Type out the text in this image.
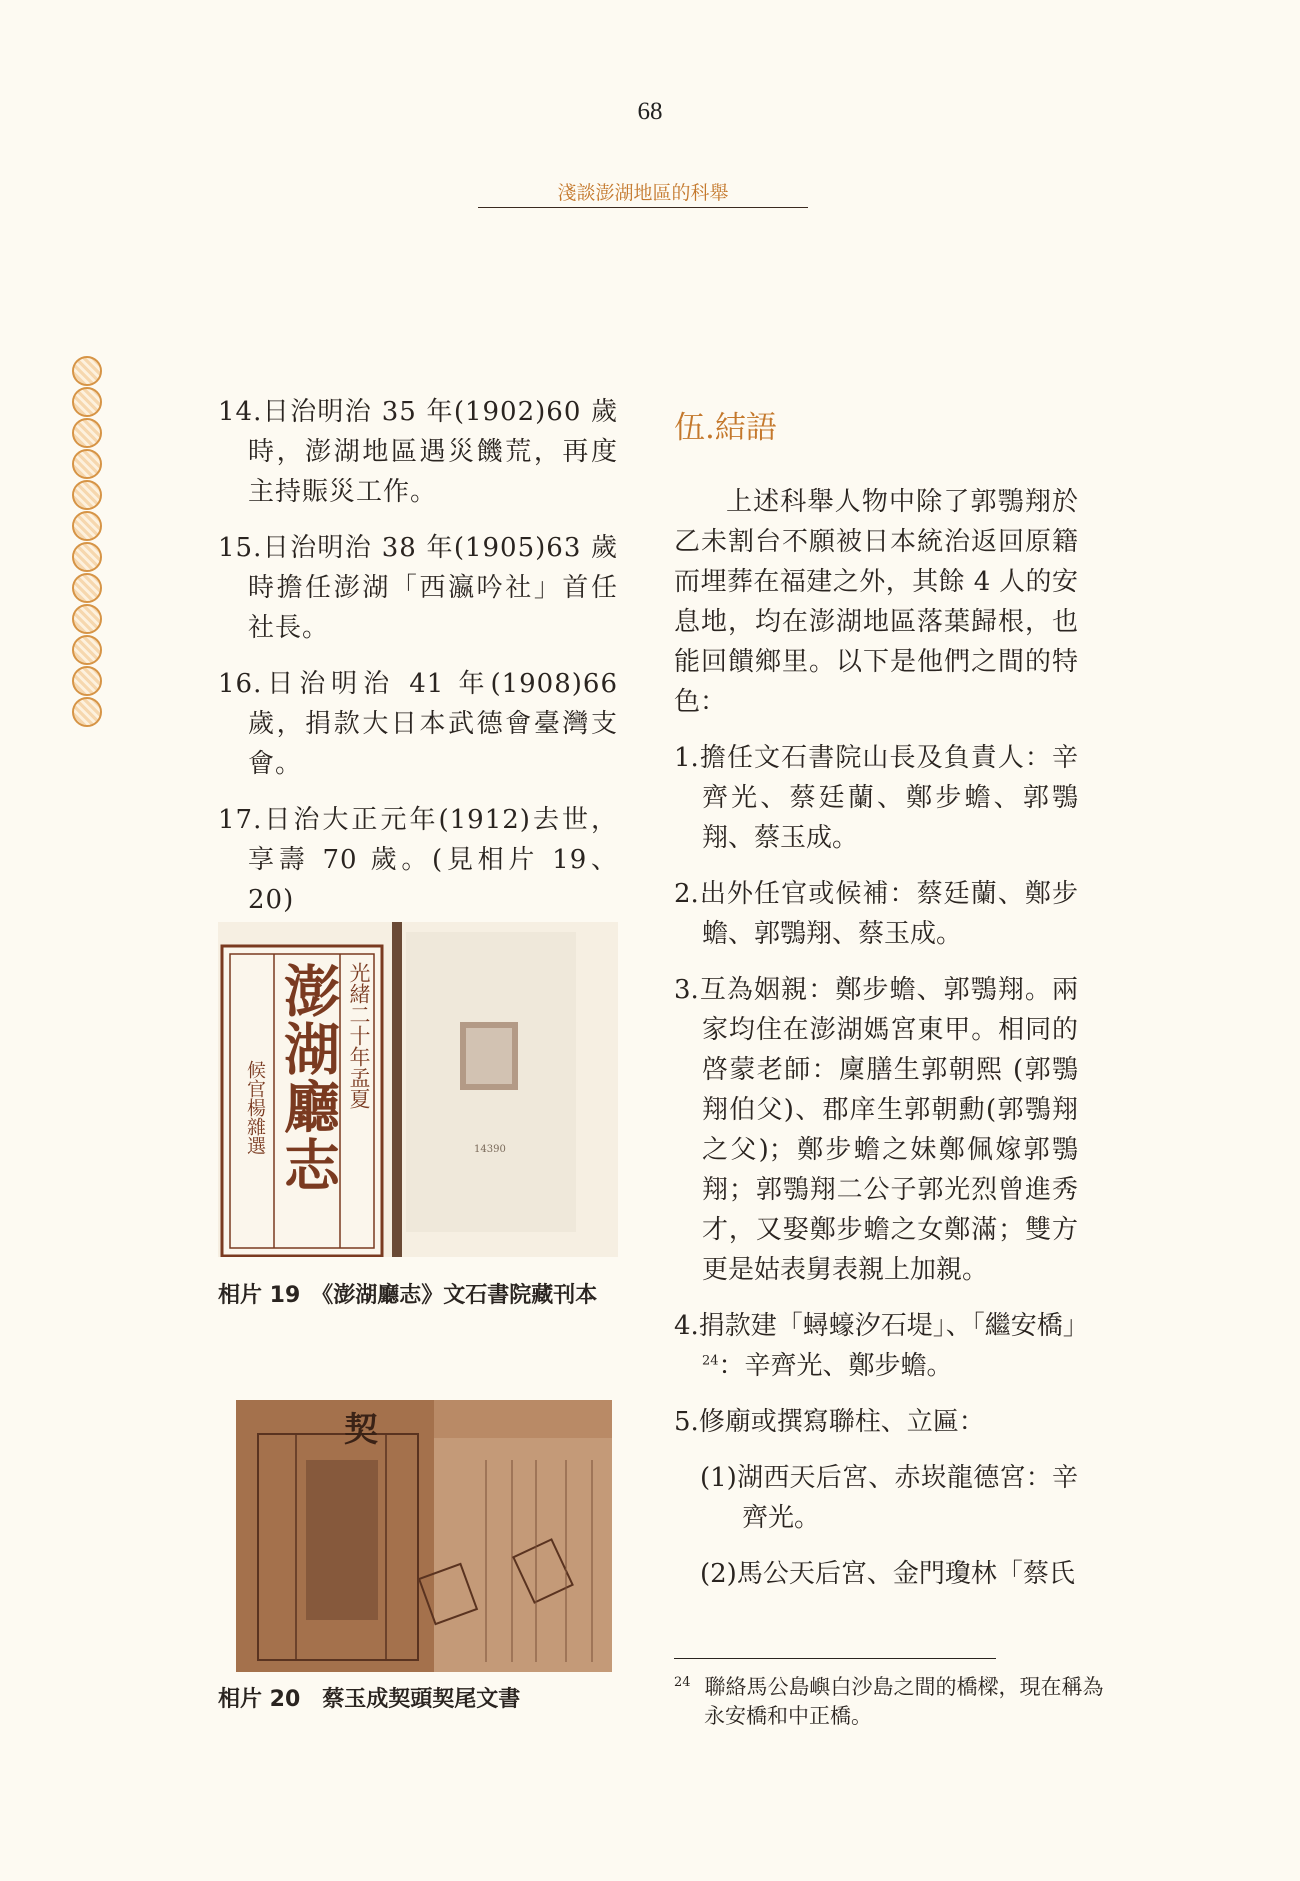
68
淺談澎湖地區的科舉
14.日治明治 35 年(1902)60 歲時，澎湖地區遇災饑荒，再度主持賑災工作。
15.日治明治 38 年(1905)63 歲時擔任澎湖「西瀛吟社」首任社長。
16.日治明治 41 年(1908)66 歲，捐款大日本武德會臺灣支會。
17.日治大正元年(1912)去世，享壽 70 歲。(見相片 19、20)
澎湖廳志 光緒二十年孟夏
候官楊雜選	14390
相片 19　《澎湖廳志》文石書院藏刊本
契
相片 20　蔡玉成契頭契尾文書
伍.結語

上述科舉人物中除了郭鶚翔於乙未割台不願被日本統治返回原籍而埋葬在福建之外，其餘 4 人的安息地，均在澎湖地區落葉歸根，也能回饋鄉里。以下是他們之間的特色：

1.擔任文石書院山長及負責人：辛齊光、蔡廷蘭、鄭步蟾、郭鶚翔、蔡玉成。
2.出外任官或候補：蔡廷蘭、鄭步蟾、郭鶚翔、蔡玉成。
3.互為姻親：鄭步蟾、郭鶚翔。兩家均住在澎湖媽宮東甲。相同的啓蒙老師：廩膳生郭朝熙 (郭鶚翔伯父)、郡庠生郭朝勳(郭鶚翔之父)；鄭步蟾之妹鄭佩嫁郭鶚翔；郭鶚翔二公子郭光烈曾進秀才，又娶鄭步蟾之女鄭滿；雙方更是姑表舅表親上加親。
4.捐款建「蟳蠔汐石堤」、「繼安橋」$^{24}$：辛齊光、鄭步蟾。
5.修廟或撰寫聯柱、立匾：
(1)湖西天后宮、赤崁龍德宮：辛齊光。
(2)馬公天后宮、金門瓊林「蔡氏
$^{24}$ 聯絡馬公島嶼白沙島之間的橋樑，現在稱為永安橋和中正橋。
